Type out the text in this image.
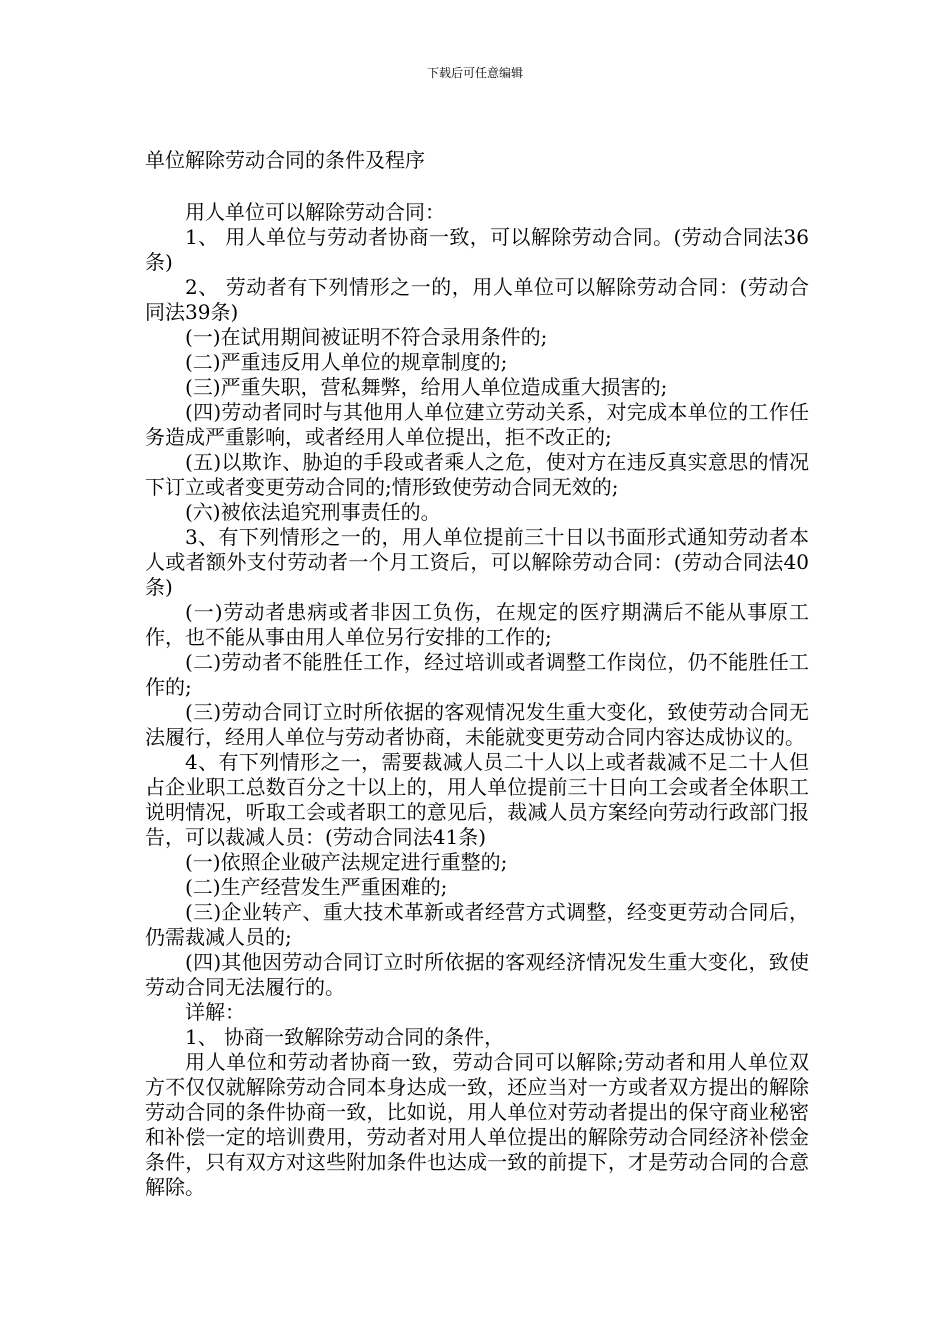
下载后可任意编辑
单位解除劳动合同的条件及程序

用人单位可以解除劳动合同：

1、 用人单位与劳动者协商一致，可以解除劳动合同。(劳动合同法36条)

2、 劳动者有下列情形之一的，用人单位可以解除劳动合同：(劳动合同法39条)

(一)在试用期间被证明不符合录用条件的;

(二)严重违反用人单位的规章制度的;

(三)严重失职，营私舞弊，给用人单位造成重大损害的;

(四)劳动者同时与其他用人单位建立劳动关系，对完成本单位的工作任务造成严重影响，或者经用人单位提出，拒不改正的;

(五)以欺诈、胁迫的手段或者乘人之危，使对方在违反真实意思的情况下订立或者变更劳动合同的;情形致使劳动合同无效的;

(六)被依法追究刑事责任的。

3、有下列情形之一的，用人单位提前三十日以书面形式通知劳动者本人或者额外支付劳动者一个月工资后，可以解除劳动合同：(劳动合同法40条)

(一)劳动者患病或者非因工负伤，在规定的医疗期满后不能从事原工作，也不能从事由用人单位另行安排的工作的;

(二)劳动者不能胜任工作，经过培训或者调整工作岗位，仍不能胜任工作的;

(三)劳动合同订立时所依据的客观情况发生重大变化，致使劳动合同无法履行，经用人单位与劳动者协商，未能就变更劳动合同内容达成协议的。

4、有下列情形之一，需要裁减人员二十人以上或者裁减不足二十人但占企业职工总数百分之十以上的，用人单位提前三十日向工会或者全体职工说明情况，听取工会或者职工的意见后，裁减人员方案经向劳动行政部门报告，可以裁减人员：(劳动合同法41条)

(一)依照企业破产法规定进行重整的;

(二)生产经营发生严重困难的;

(三)企业转产、重大技术革新或者经营方式调整，经变更劳动合同后，仍需裁减人员的;

(四)其他因劳动合同订立时所依据的客观经济情况发生重大变化，致使劳动合同无法履行的。

详解：

1、 协商一致解除劳动合同的条件，

用人单位和劳动者协商一致，劳动合同可以解除;劳动者和用人单位双方不仅仅就解除劳动合同本身达成一致，还应当对一方或者双方提出的解除劳动合同的条件协商一致，比如说，用人单位对劳动者提出的保守商业秘密和补偿一定的培训费用，劳动者对用人单位提出的解除劳动合同经济补偿金条件，只有双方对这些附加条件也达成一致的前提下，才是劳动合同的合意解除。
